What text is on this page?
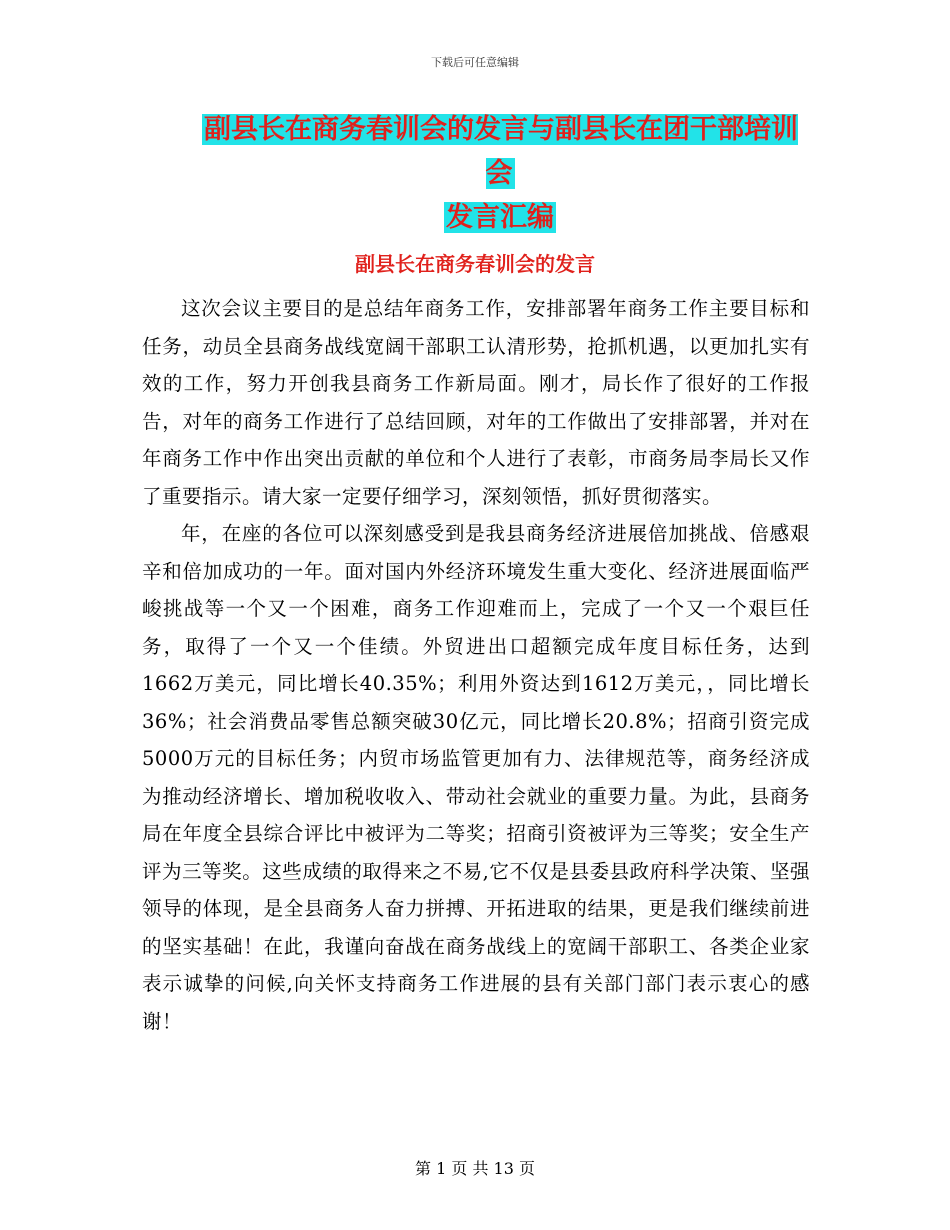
下载后可任意编辑
副县长在商务春训会的发言与副县长在团干部培训会
发言汇编
副县长在商务春训会的发言

这次会议主要目的是总结年商务工作，安排部署年商务工作主要目标和任务，动员全县商务战线宽阔干部职工认清形势，抢抓机遇，以更加扎实有效的工作，努力开创我县商务工作新局面。刚才，局长作了很好的工作报告，对年的商务工作进行了总结回顾，对年的工作做出了安排部署，并对在年商务工作中作出突出贡献的单位和个人进行了表彰，市商务局李局长又作了重要指示。请大家一定要仔细学习，深刻领悟，抓好贯彻落实。

年，在座的各位可以深刻感受到是我县商务经济进展倍加挑战、倍感艰辛和倍加成功的一年。面对国内外经济环境发生重大变化、经济进展面临严峻挑战等一个又一个困难，商务工作迎难而上，完成了一个又一个艰巨任务，取得了一个又一个佳绩。外贸进出口超额完成年度目标任务，达到1662万美元，同比增长40.35%；利用外资达到1612万美元，，同比增长36%；社会消费品零售总额突破30亿元，同比增长20.8%；招商引资完成5000万元的目标任务；内贸市场监管更加有力、法律规范等，商务经济成为推动经济增长、增加税收收入、带动社会就业的重要力量。为此，县商务局在年度全县综合评比中被评为二等奖；招商引资被评为三等奖；安全生产评为三等奖。这些成绩的取得来之不易,它不仅是县委县政府科学决策、坚强领导的体现，是全县商务人奋力拼搏、开拓进取的结果，更是我们继续前进的坚实基础！在此，我谨向奋战在商务战线上的宽阔干部职工、各类企业家表示诚挚的问候,向关怀支持商务工作进展的县有关部门部门表示衷心的感谢！

第 1 页 共 13 页
